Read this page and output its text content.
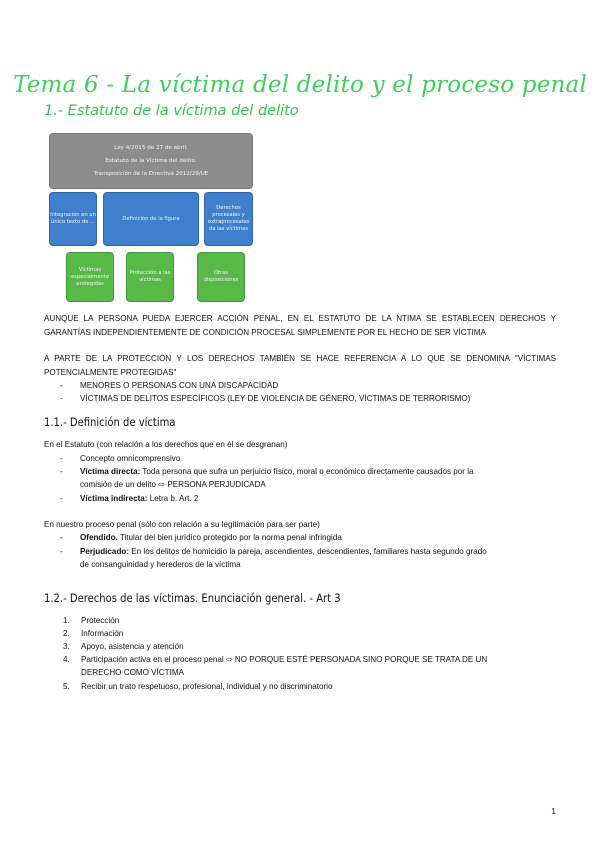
Tema 6 - La víctima del delito y el proceso penal
1.- Estatuto de la víctima del delito
Ley 4/2015 de 27 de abril.
Estatuto de la Víctima del delito.
Transposición de la Directiva 2012/29/UE
Integración en un único texto de ...
Definición de la figura
Derechos procesales y extraprocesales de las víctimas
Víctimas especialmente protegidas
Protección a las víctimas
Otras disposiciones
AUNQUE LA PERSONA PUEDA EJERCER ACCIÓN PENAL, EN EL ESTATUTO DE LA NTIMA SE ESTABLECEN DERECHOS Y GARANTÍAS INDEPENDIENTEMENTE DE CONDICIÓN PROCESAL SIMPLEMENTE POR EL HECHO DE SER VÍCTIMA
A PARTE DE LA PROTECCIÓN Y LOS DERECHOS TAMBIÉN SE HACE REFERENCIA A LO QUE SE DENOMINA "VÍCTIMAS POTENCIALMENTE PROTEGIDAS"
- MENORES O PERSONAS CON UNA DISCAPACIDAD
- VÍCTIMAS DE DELITOS ESPECÍFICOS (LEY DE VIOLENCIA DE GÉNERO, VÍCTIMAS DE TERRORISMO)
1.1.- Definición de víctima
En el Estatuto (con relación a los derechos que en él se desgranan)
- Concepto omnicomprensivo
- Víctima directa: Toda persona que sufra un perjuicio físico, moral o económico directamente causados por la
comisión de un delito ⇨ PERSONA PERJUDICADA
- Víctima indirecta: Letra b. Art. 2
En nuestro proceso penal (sólo con relación a su legitimación para ser parte)
- Ofendido. Titular del bien jurídico protegido por la norma penal infringida
- Perjudicado: En los delitos de homicidio la pareja, ascendientes, descendientes, familiares hasta segundo grado
de consanguinidad y herederos de la víctima
1.2.- Derechos de las víctimas. Enunciación general. - Art 3
1. Protección
2. Información
3. Apoyo, asistencia y atención
4. Participación activa en el proceso penal ⇨ NO PORQUE ESTÉ PERSONADA SINO PORQUE SE TRATA DE UN
DERECHO COMO VÍCTIMA
5. Recibir un trato respetuoso, profesional, individual y no discriminatorio
1
